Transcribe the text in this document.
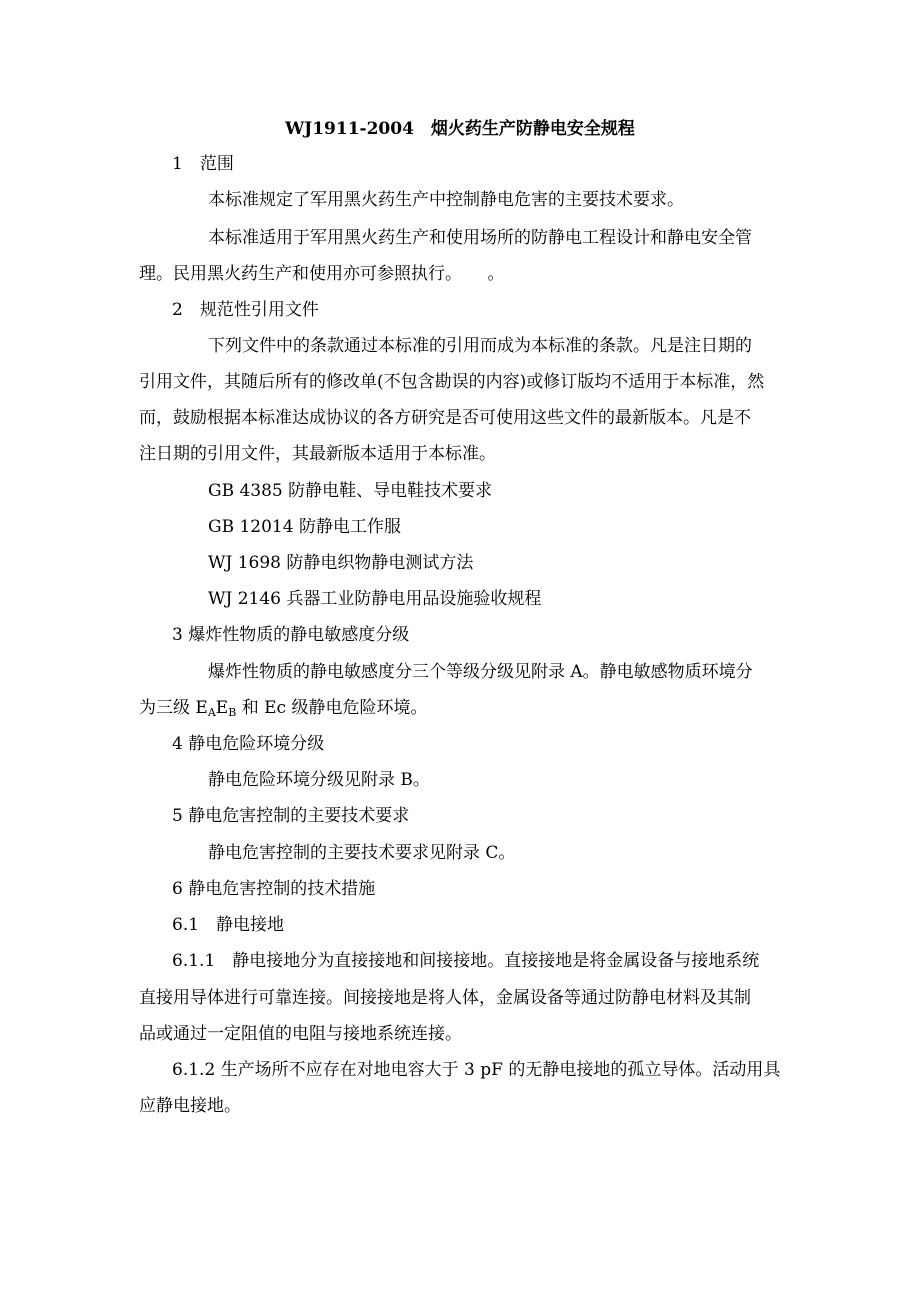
WJ1911-2004　烟火药生产防静电安全规程
1　范围
本标准规定了军用黑火药生产中控制静电危害的主要技术要求。
本标准适用于军用黑火药生产和使用场所的防静电工程设计和静电安全管
理。民用黑火药生产和使用亦可参照执行。　　。
2　规范性引用文件
下列文件中的条款通过本标准的引用而成为本标准的条款。凡是注日期的
引用文件，其随后所有的修改单(不包含勘误的内容)或修订版均不适用于本标准，然
而，鼓励根据本标准达成协议的各方研究是否可使用这些文件的最新版本。凡是不
注日期的引用文件，其最新版本适用于本标准。
GB 4385 防静电鞋、导电鞋技术要求
GB 12014 防静电工作服
WJ 1698 防静电织物静电测试方法
WJ 2146 兵器工业防静电用品设施验收规程
3 爆炸性物质的静电敏感度分级
爆炸性物质的静电敏感度分三个等级分级见附录 A。静电敏感物质环境分
为三级 $E_AE_B$ 和 Ec 级静电危险环境。
4 静电危险环境分级
静电危险环境分级见附录 B。
5 静电危害控制的主要技术要求
静电危害控制的主要技术要求见附录 C。
6 静电危害控制的技术措施
6.1　静电接地
6.1.1　静电接地分为直接接地和间接接地。直接接地是将金属设备与接地系统
直接用导体进行可靠连接。间接接地是将人体，金属设备等通过防静电材料及其制
品或通过一定阻值的电阻与接地系统连接。
6.1.2 生产场所不应存在对地电容大于 3 pF 的无静电接地的孤立导体。活动用具
应静电接地。
